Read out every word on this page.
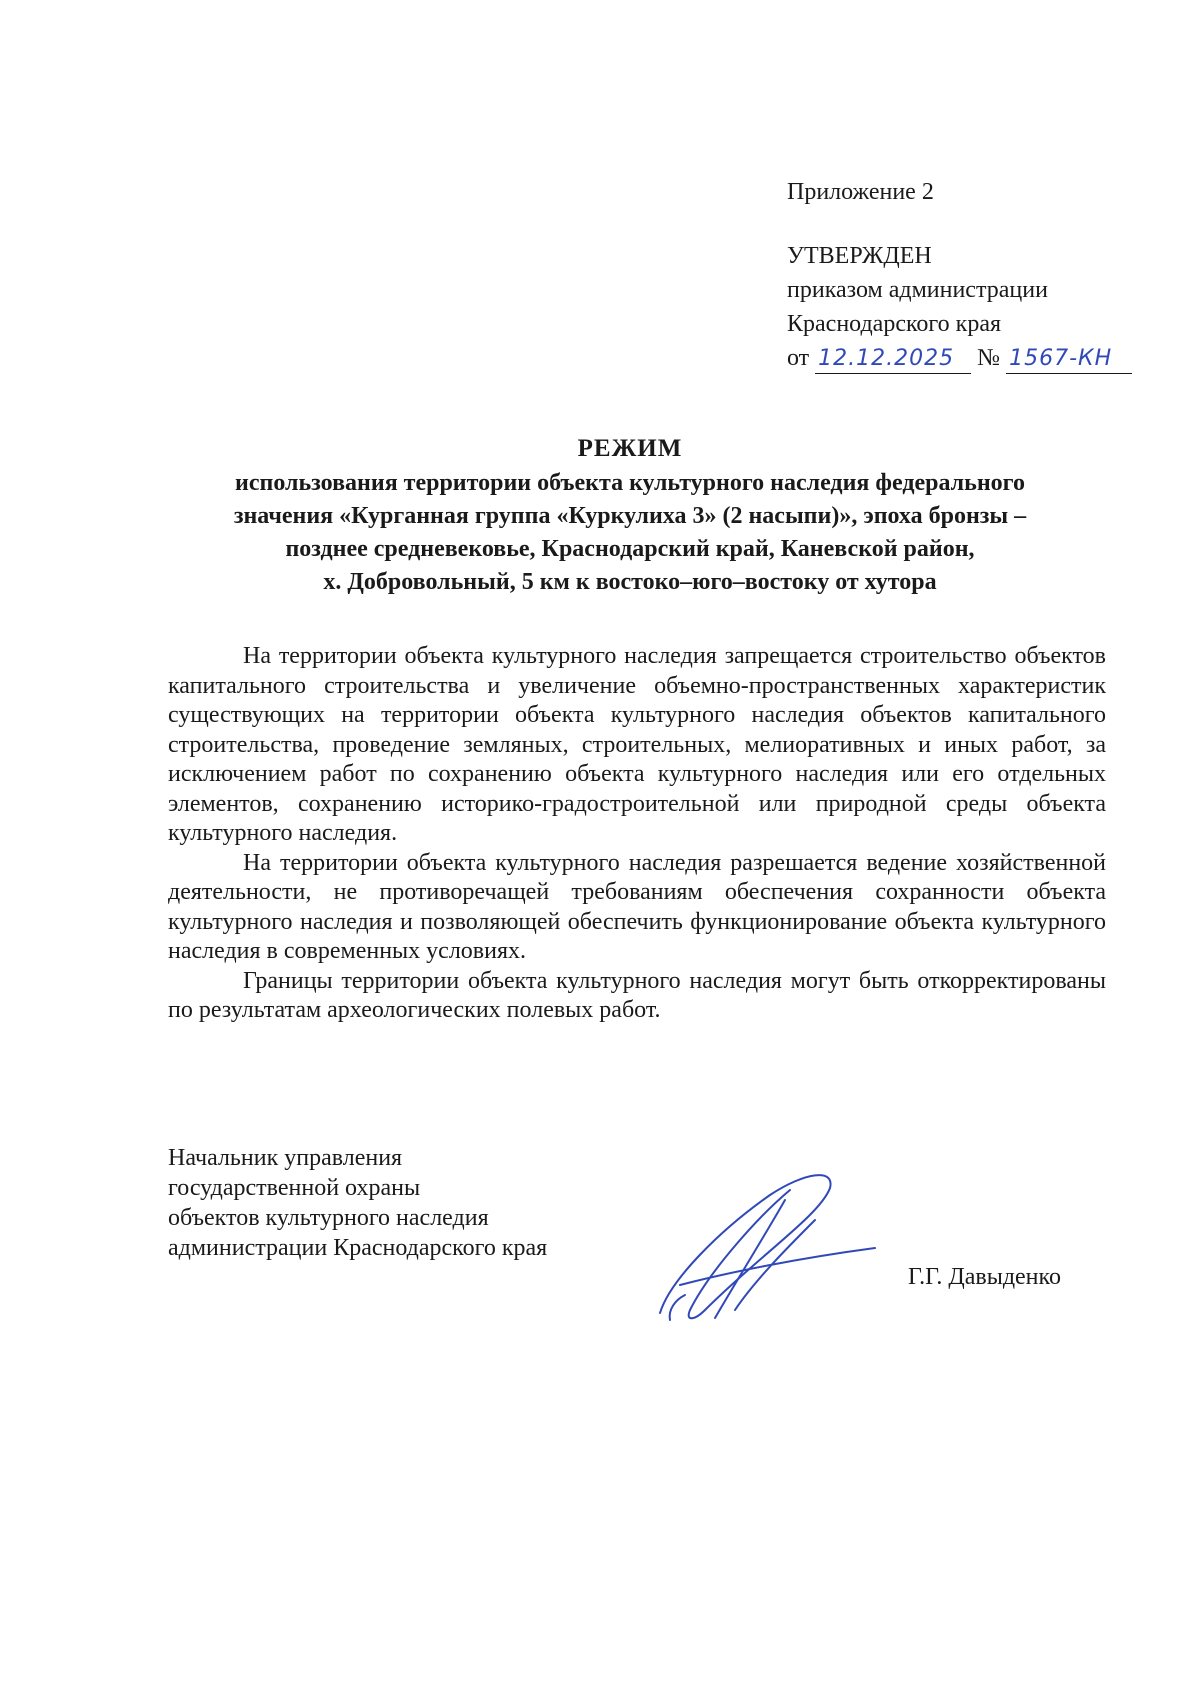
Приложение 2
УТВЕРЖДЕН
приказом администрации
Краснодарского края
от 12.12.2025 № 1567-КН
РЕЖИМ
использования территории объекта культурного наследия федерального
значения «Курганная группа «Куркулиха 3» (2 насыпи)», эпоха бронзы –
позднее средневековье, Краснодарский край, Каневской район,
х. Добровольный, 5 км к востоко–юго–востоку от хутора

На территории объекта культурного наследия запрещается строительство объектов капитального строительства и увеличение объемно-пространственных характеристик существующих на территории объекта культурного наследия объектов капитального строительства, проведение земляных, строительных, мелиоративных и иных работ, за исключением работ по сохранению объекта культурного наследия или его отдельных элементов, сохранению историко-градостроительной или природной среды объекта культурного наследия.

На территории объекта культурного наследия разрешается ведение хозяйственной деятельности, не противоречащей требованиям обеспечения сохранности объекта культурного наследия и позволяющей обеспечить функционирование объекта культурного наследия в современных условиях.

Границы территории объекта культурного наследия могут быть откорректированы по результатам археологических полевых работ.

Начальник управления
государственной охраны
объектов культурного наследия
администрации Краснодарского края
Г.Г. Давыденко
